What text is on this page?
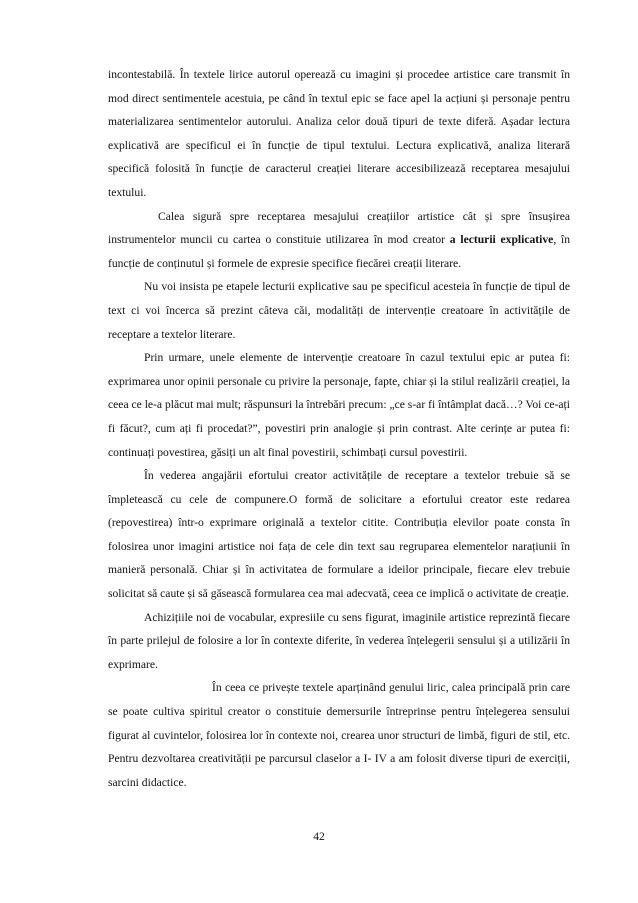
incontestabilă. În textele lirice autorul operează cu imagini și procedee artistice care transmit în mod direct sentimentele acestuia, pe când în textul epic se face apel la acțiuni și personaje pentru materializarea sentimentelor autorului. Analiza celor două tipuri de texte diferă. Așadar lectura explicativă are specificul ei în funcție de tipul textului. Lectura explicativă, analiza literară specifică folosită în funcție de caracterul creației literare accesibilizează receptarea mesajului textului.

Calea sigură spre receptarea mesajului creațiilor artistice cât și spre însușirea instrumentelor muncii cu cartea o constituie utilizarea în mod creator a lecturii explicative, în funcție de conținutul și formele de expresie specifice fiecărei creații literare.

Nu voi insista pe etapele lecturii explicative sau pe specificul acesteia în funcție de tipul de text ci voi încerca să prezint câteva căi, modalități de intervenție creatoare în activitățile de receptare a textelor literare.

Prin urmare, unele elemente de intervenție creatoare în cazul textului epic ar putea fi: exprimarea unor opinii personale cu privire la personaje, fapte, chiar și la stilul realizării creației, la ceea ce le-a plăcut mai mult; răspunsuri la întrebări precum: „ce s-ar fi întâmplat dacă…? Voi ce-ați fi făcut?, cum ați fi procedat?”, povestiri prin analogie și prin contrast. Alte cerințe ar putea fi: continuați povestirea, găsiți un alt final povestirii, schimbați cursul povestirii.

În vederea angajării efortului creator activitățile de receptare a textelor trebuie să se împletească cu cele de compunere.O formă de solicitare a efortului creator este redarea (repovestirea) într-o exprimare originală a textelor citite. Contribuția elevilor poate consta în folosirea unor imagini artistice noi fața de cele din text sau regruparea elementelor narațiunii în manieră personală. Chiar și în activitatea de formulare a ideilor principale, fiecare elev trebuie solicitat să caute și să găsească formularea cea mai adecvată, ceea ce implică o activitate de creație.

Achizițiile noi de vocabular, expresiile cu sens figurat, imaginile artistice reprezintă fiecare în parte prilejul de folosire a lor în contexte diferite, în vederea înțelegerii sensului și a utilizării în exprimare.

În ceea ce privește textele aparținând genului liric, calea principală prin care se poate cultiva spiritul creator o constituie demersurile întreprinse pentru înțelegerea sensului figurat al cuvintelor, folosirea lor în contexte noi, crearea unor structuri de limbă, figuri de stil, etc. Pentru dezvoltarea creativității pe parcursul claselor a I- IV a am folosit diverse tipuri de exerciții, sarcini didactice.

42
